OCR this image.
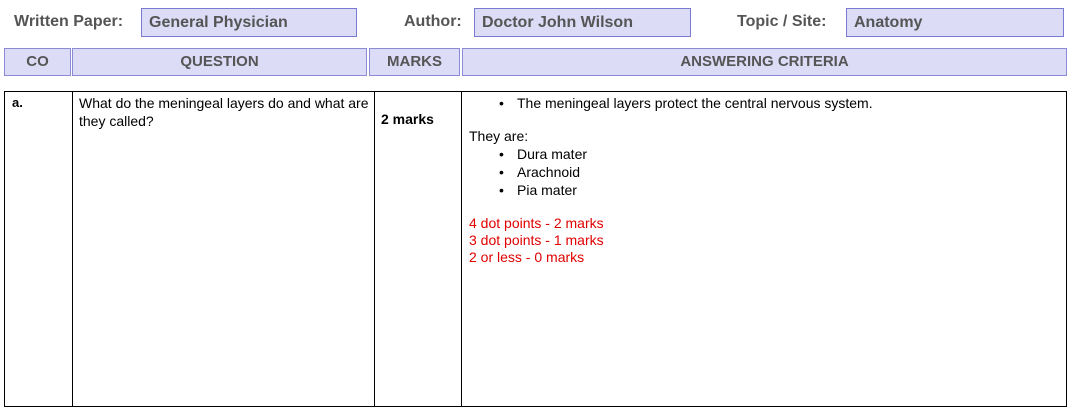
Written Paper:	General Physician	Author:	Doctor John Wilson	Topic / Site:	Anatomy
CO	QUESTION	MARKS	ANSWERING CRITERIA
a.	What do the meningeal layers do and what are they called?	2 marks
• The meningeal layers protect the central nervous system.
They are:
• Dura mater
• Arachnoid
• Pia mater
4 dot points - 2 marks
3 dot points - 1 marks
2 or less - 0 marks
